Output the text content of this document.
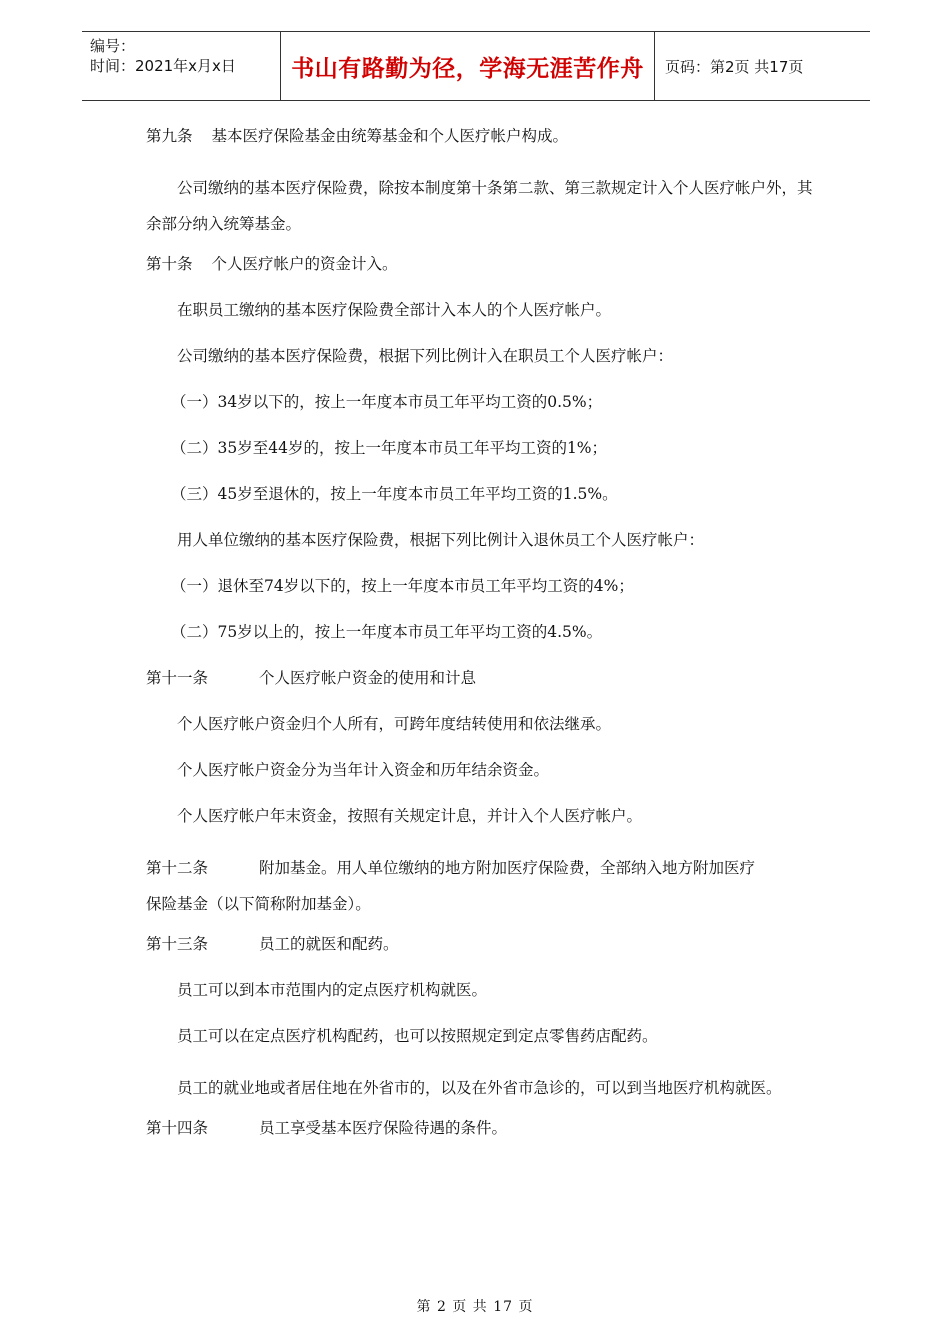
编号：
时间：2021年x月x日	书山有路勤为径，学海无涯苦作舟	页码：第2页 共17页

第九条 基本医疗保险基金由统筹基金和个人医疗帐户构成。

公司缴纳的基本医疗保险费，除按本制度第十条第二款、第三款规定计入个人医疗帐户外，其余部分纳入统筹基金。

第十条 个人医疗帐户的资金计入。

在职员工缴纳的基本医疗保险费全部计入本人的个人医疗帐户。

公司缴纳的基本医疗保险费，根据下列比例计入在职员工个人医疗帐户：

（一）34岁以下的，按上一年度本市员工年平均工资的0.5%；

（二）35岁至44岁的，按上一年度本市员工年平均工资的1%；

（三）45岁至退休的，按上一年度本市员工年平均工资的1.5%。

用人单位缴纳的基本医疗保险费，根据下列比例计入退休员工个人医疗帐户：

（一）退休至74岁以下的，按上一年度本市员工年平均工资的4%；

（二）75岁以上的，按上一年度本市员工年平均工资的4.5%。

第十一条	个人医疗帐户资金的使用和计息

个人医疗帐户资金归个人所有，可跨年度结转使用和依法继承。

个人医疗帐户资金分为当年计入资金和历年结余资金。

个人医疗帐户年末资金，按照有关规定计息，并计入个人医疗帐户。

第十二条	附加基金。用人单位缴纳的地方附加医疗保险费，全部纳入地方附加医疗
保险基金（以下简称附加基金）。

第十三条	员工的就医和配药。

员工可以到本市范围内的定点医疗机构就医。

员工可以在定点医疗机构配药，也可以按照规定到定点零售药店配药。

员工的就业地或者居住地在外省市的，以及在外省市急诊的，可以到当地医疗机构就医。

第十四条	员工享受基本医疗保险待遇的条件。

第 2 页 共 17 页
